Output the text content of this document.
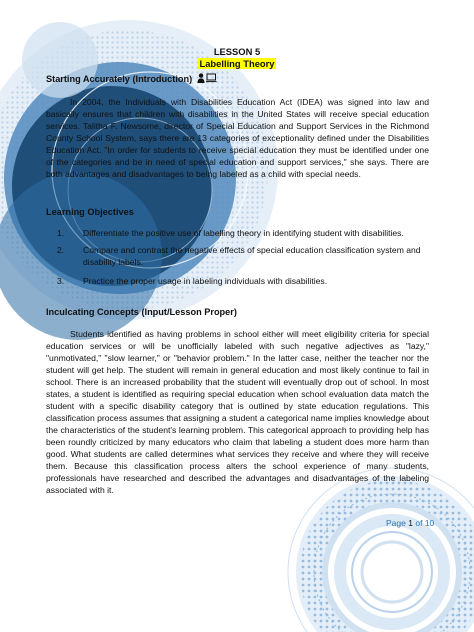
LESSON 5
Labelling Theory
Starting Accurately (Introduction)

In 2004, the Individuals with Disabilities Education Act (IDEA) was signed into law and basically ensures that children with disabilities in the United States will receive special education services. Talitha F. Newsome, director of Special Education and Support Services in the Richmond County School System, says there are 13 categories of exceptionality defined under the Disabilities Education Act. "In order for students to receive special education they must be identified under one of the categories and be in need of special education and support services," she says. There are both advantages and disadvantages to being labeled as a child with special needs.

Learning Objectives
1. Differentiate the positive use of labelling theory in identifying student with disabilities.
2. Compare and contrast the negative effects of special education classification system and disability labels.
3. Practice the proper usage in labeling individuals with disabilities.
Inculcating Concepts (Input/Lesson Proper)

Students identified as having problems in school either will meet eligibility criteria for special education services or will be unofficially labeled with such negative adjectives as "lazy," "unmotivated," "slow learner," or "behavior problem." In the latter case, neither the teacher nor the student will get help. The student will remain in general education and most likely continue to fail in school. There is an increased probability that the student will eventually drop out of school. In most states, a student is identified as requiring special education when school evaluation data match the student with a specific disability category that is outlined by state education regulations. This classification process assumes that assigning a student a categorical name implies knowledge about the characteristics of the student's learning problem. This categorical approach to providing help has been roundly criticized by many educators who claim that labeling a student does more harm than good. What students are called determines what services they receive and where they will receive them. Because this classification process alters the school experience of many students, professionals have researched and described the advantages and disadvantages of the labeling associated with it.

Page 1 of 10
